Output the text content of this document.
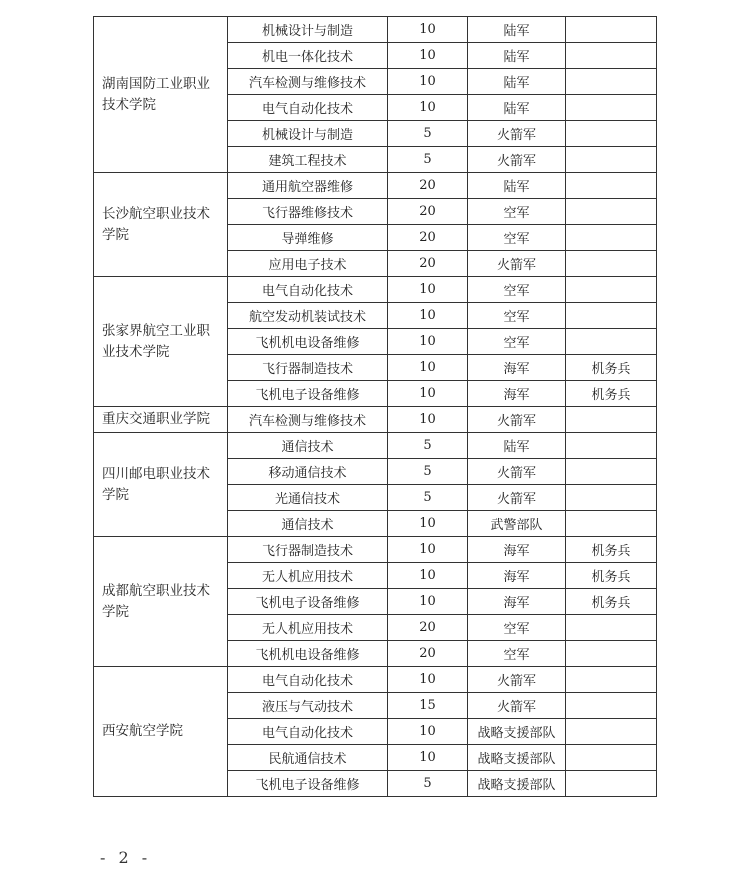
湖南国防工业职业技术学院	机械设计与制造	10	陆军	
	机电一体化技术	10	陆军	
	汽车检测与维修技术	10	陆军	
	电气自动化技术	10	陆军	
	机械设计与制造	5	火箭军	
	建筑工程技术	5	火箭军	
长沙航空职业技术学院	通用航空器维修	20	陆军	
	飞行器维修技术	20	空军	
	导弹维修	20	空军	
	应用电子技术	20	火箭军	
张家界航空工业职业技术学院	电气自动化技术	10	空军	
	航空发动机装试技术	10	空军	
	飞机机电设备维修	10	空军	
	飞行器制造技术	10	海军	机务兵
	飞机电子设备维修	10	海军	机务兵
重庆交通职业学院	汽车检测与维修技术	10	火箭军	
四川邮电职业技术学院	通信技术	5	陆军	
	移动通信技术	5	火箭军	
	光通信技术	5	火箭军	
	通信技术	10	武警部队	
成都航空职业技术学院	飞行器制造技术	10	海军	机务兵
	无人机应用技术	10	海军	机务兵
	飞机电子设备维修	10	海军	机务兵
	无人机应用技术	20	空军	
	飞机机电设备维修	20	空军	
西安航空学院	电气自动化技术	10	火箭军	
	液压与气动技术	15	火箭军	
	电气自动化技术	10	战略支援部队	
	民航通信技术	10	战略支援部队	
	飞机电子设备维修	5	战略支援部队	
- 2 -
